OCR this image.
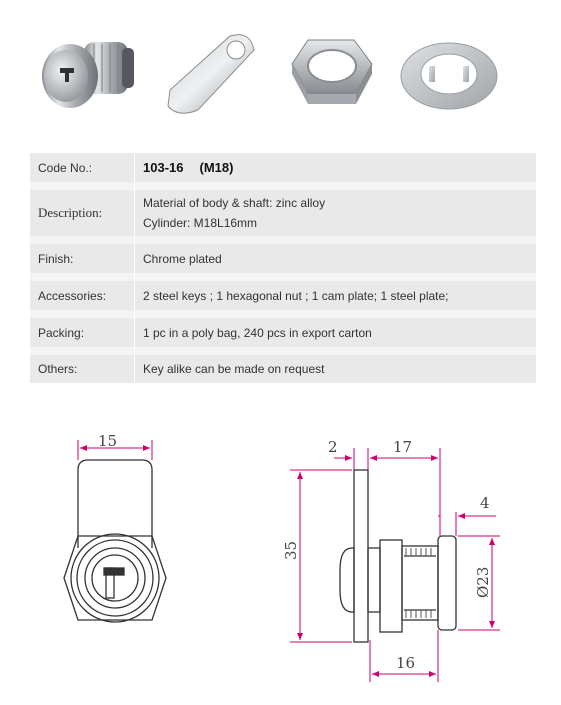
Code No.:	103-16 (M18)

Description:	Material of body & shaft: zinc alloy
Cylinder: M18L16mm

Finish:	Chrome plated

Accessories:	2 steel keys ; 1 hexagonal nut ; 1 cam plate; 1 steel plate;

Packing:	1 pc in a poly bag, 240 pcs in export carton

Others:	Key alike can be made on request
15	2	17
35
4
Ø23
16
